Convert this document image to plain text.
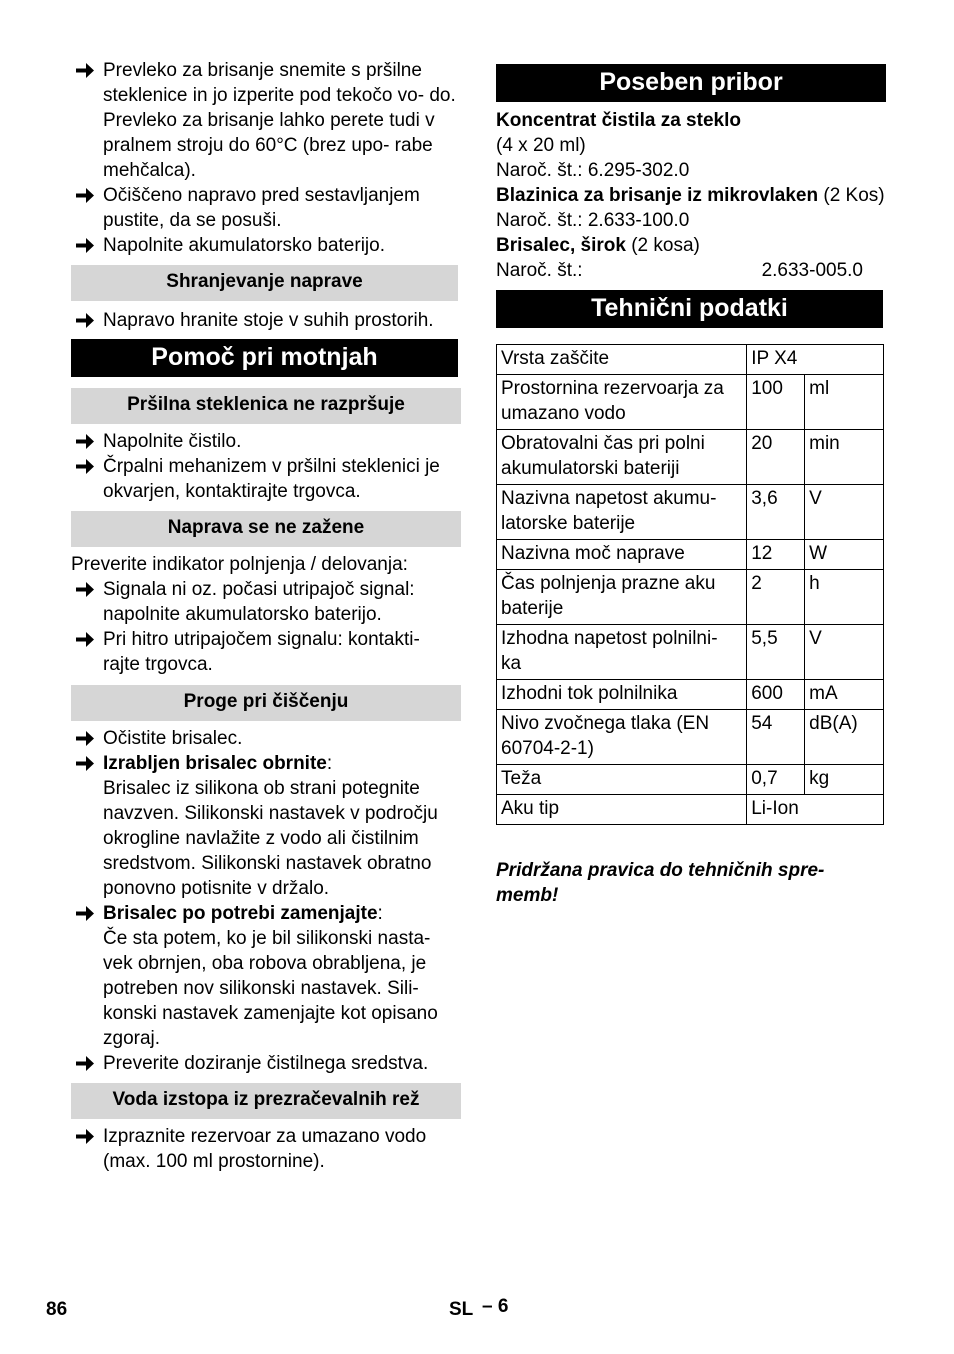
Prevleko za brisanje snemite s pršilne steklenice in jo izperite pod tekočo vo- do. Prevleko za brisanje lahko perete tudi v pralnem stroju do 60°C (brez upo- rabe mehčalca).

Očiščeno napravo pred sestavljanjem pustite, da se posuši.

Napolnite akumulatorsko baterijo.

Shranjevanje naprave

Napravo hranite stoje v suhih prostorih.

Pomoč pri motnjah
Pršilna steklenica ne razpršuje

Napolnite čistilo.

Črpalni mehanizem v pršilni steklenici je okvarjen, kontaktirajte trgovca.

Naprava se ne zažene

Preverite indikator polnjenja / delovanja:

Signala ni oz. počasi utripajoč signal: napolnite akumulatorsko baterijo.

Pri hitro utripajočem signalu: kontakti- rajte trgovca.

Proge pri čiščenju

Očistite brisalec.

Izrabljen brisalec obrnite:

Brisalec iz silikona ob strani potegnite navzven. Silikonski nastavek v področju okrogline navlažite z vodo ali čistilnim sredstvom. Silikonski nastavek obratno ponovno potisnite v držalo.

Brisalec po potrebi zamenjajte:

Če sta potem, ko je bil silikonski nasta- vek obrnjen, oba robova obrabljena, je potreben nov silikonski nastavek. Sili- konski nastavek zamenjajte kot opisano zgoraj.

Preverite doziranje čistilnega sredstva.

Voda izstopa iz prezračevalnih rež

Izpraznite rezervoar za umazano vodo (max. 100 ml prostornine).

Poseben pribor

Koncentrat čistila za steklo

(4 x 20 ml)

Naroč. št.: 6.295-302.0

Blazinica za brisanje iz mikrovlaken (2 Kos)

Naroč. št.: 2.633-100.0

Brisalec, širok (2 kosa)

Naroč. št.:	2.633-005.0

Tehnični podatki
Vrsta zaščite	IP X4	
Prostornina rezervoarja za umazano vodo	100	ml
Obratovalni čas pri polni akumulatorski bateriji	20	min
Nazivna napetost akumu- latorske baterije	3,6	V
Nazivna moč naprave	12	W
Čas polnjenja prazne aku baterije	2	h
Izhodna napetost polnilni- ka	5,5	V
Izhodni tok polnilnika	600	mA
Nivo zvočnega tlaka (EN 60704-2-1)	54	dB(A)
Teža	0,7	kg
Aku tip	Li-Ion	

Pridržana pravica do tehničnih spre- memb!

86	SL – 6
